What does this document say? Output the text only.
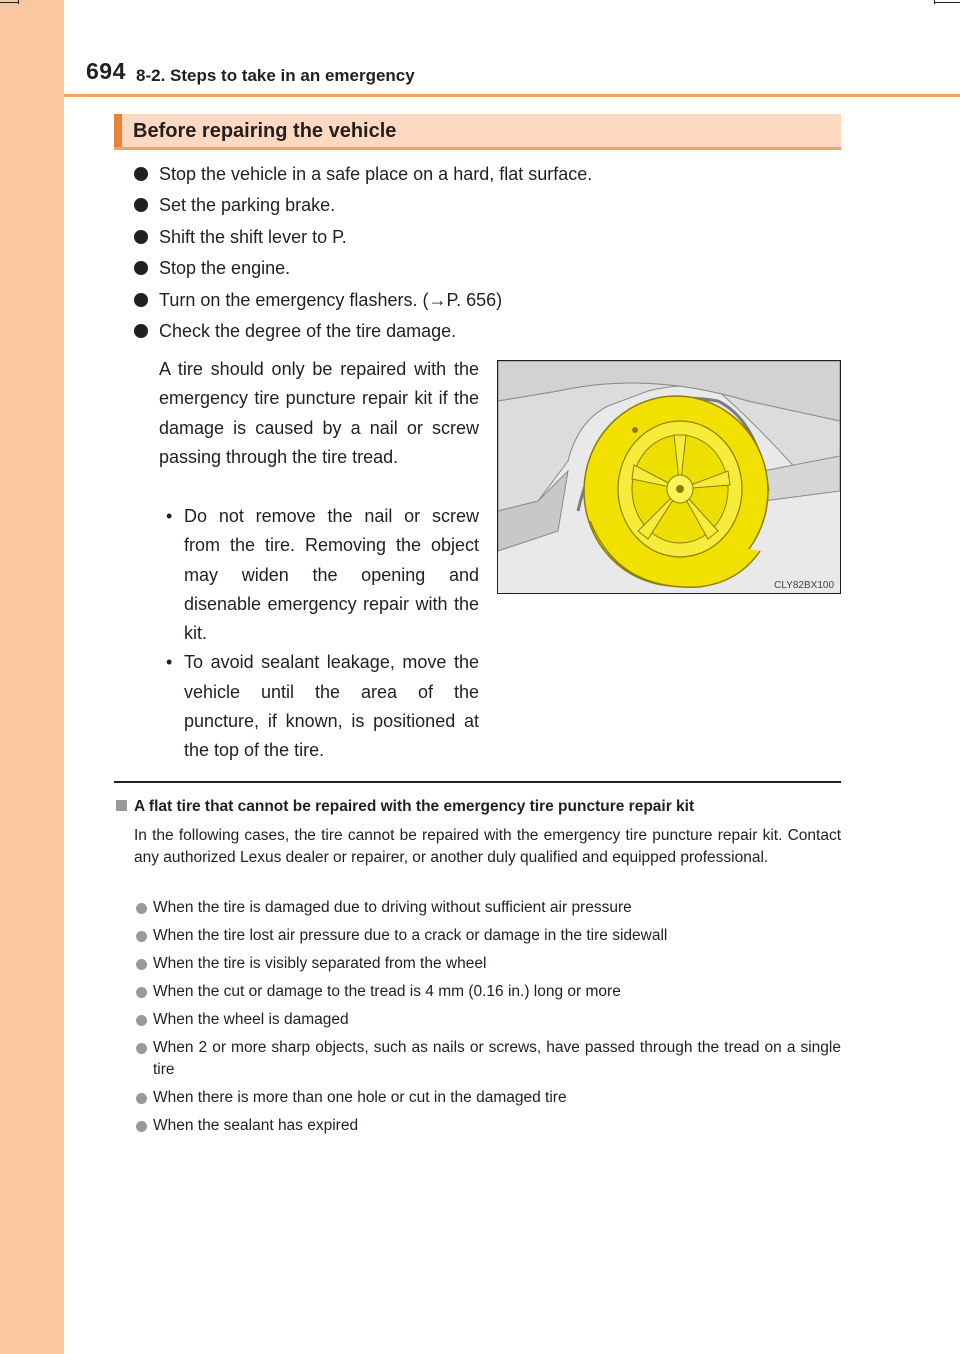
694 8-2. Steps to take in an emergency
Before repairing the vehicle
Stop the vehicle in a safe place on a hard, flat surface.
Set the parking brake.
Shift the shift lever to P.
Stop the engine.
Turn on the emergency flashers. (→P. 656)
Check the degree of the tire damage.

A tire should only be repaired with the emergency tire puncture repair kit if the damage is caused by a nail or screw passing through the tire tread.

• Do not remove the nail or screw from the tire. Removing the object may widen the opening and disenable emergency repair with the kit.
• To avoid sealant leakage, move the vehicle until the area of the puncture, if known, is positioned at the top of the tire.
CLY82BX100
A flat tire that cannot be repaired with the emergency tire puncture repair kit

In the following cases, the tire cannot be repaired with the emergency tire puncture repair kit. Contact any authorized Lexus dealer or repairer, or another duly qualified and equipped professional.

When the tire is damaged due to driving without sufficient air pressure
When the tire lost air pressure due to a crack or damage in the tire sidewall
When the tire is visibly separated from the wheel
When the cut or damage to the tread is 4 mm (0.16 in.) long or more
When the wheel is damaged
When 2 or more sharp objects, such as nails or screws, have passed through the tread on a single tire
When there is more than one hole or cut in the damaged tire
When the sealant has expired
